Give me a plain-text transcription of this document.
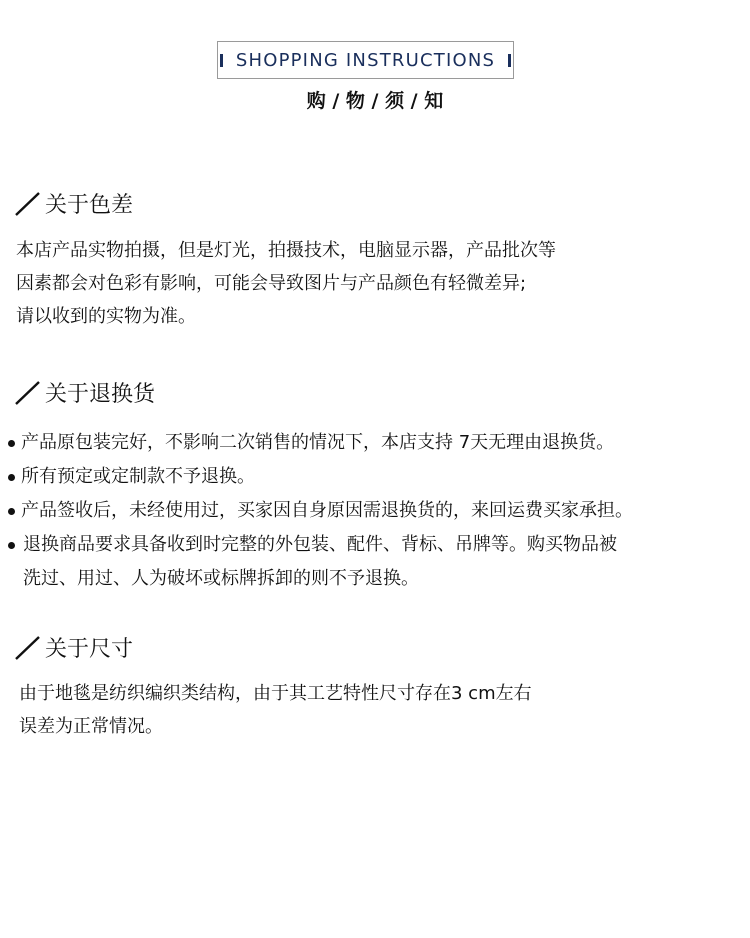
SHOPPING INSTRUCTIONS
购 / 物 / 须 / 知
关于色差
本店产品实物拍摄，但是灯光，拍摄技术，电脑显示器，产品批次等
因素都会对色彩有影响，可能会导致图片与产品颜色有轻微差异;
请以收到的实物为准。
关于退换货
产品原包装完好，不影响二次销售的情况下，本店支持 7天无理由退换货。
所有预定或定制款不予退换。
产品签收后，未经使用过，买家因自身原因需退换货的，来回运费买家承担。
退换商品要求具备收到时完整的外包装、配件、背标、吊牌等。购买物品被
洗过、用过、人为破坏或标牌拆卸的则不予退换。
关于尺寸
由于地毯是纺织编织类结构，由于其工艺特性尺寸存在3 cm左右
误差为正常情况。
